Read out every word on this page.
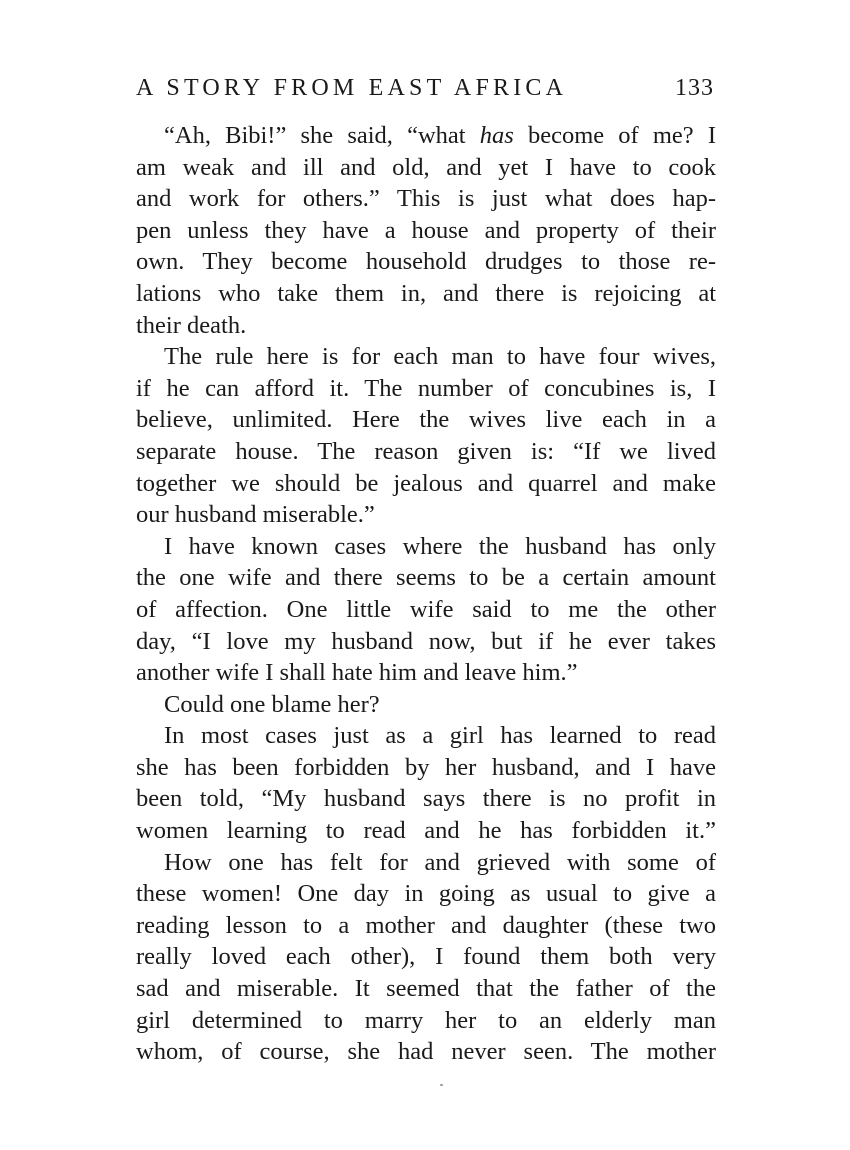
A STORY FROM EAST AFRICA	133
“Ah, Bibi!” she said, “what has become of me? I
am weak and ill and old, and yet I have to cook
and work for others.” This is just what does hap-
pen unless they have a house and property of their
own. They become household drudges to those re-
lations who take them in, and there is rejoicing at
their death.
The rule here is for each man to have four wives,
if he can afford it. The number of concubines is, I
believe, unlimited. Here the wives live each in a
separate house. The reason given is: “If we lived
together we should be jealous and quarrel and make
our husband miserable.”
I have known cases where the husband has only
the one wife and there seems to be a certain amount
of affection. One little wife said to me the other
day, “I love my husband now, but if he ever takes
another wife I shall hate him and leave him.”
Could one blame her?
In most cases just as a girl has learned to read
she has been forbidden by her husband, and I have
been told, “My husband says there is no profit in
women learning to read and he has forbidden it.”
How one has felt for and grieved with some of
these women! One day in going as usual to give a
reading lesson to a mother and daughter (these two
really loved each other), I found them both very
sad and miserable. It seemed that the father of the
girl determined to marry her to an elderly man
whom, of course, she had never seen. The mother
